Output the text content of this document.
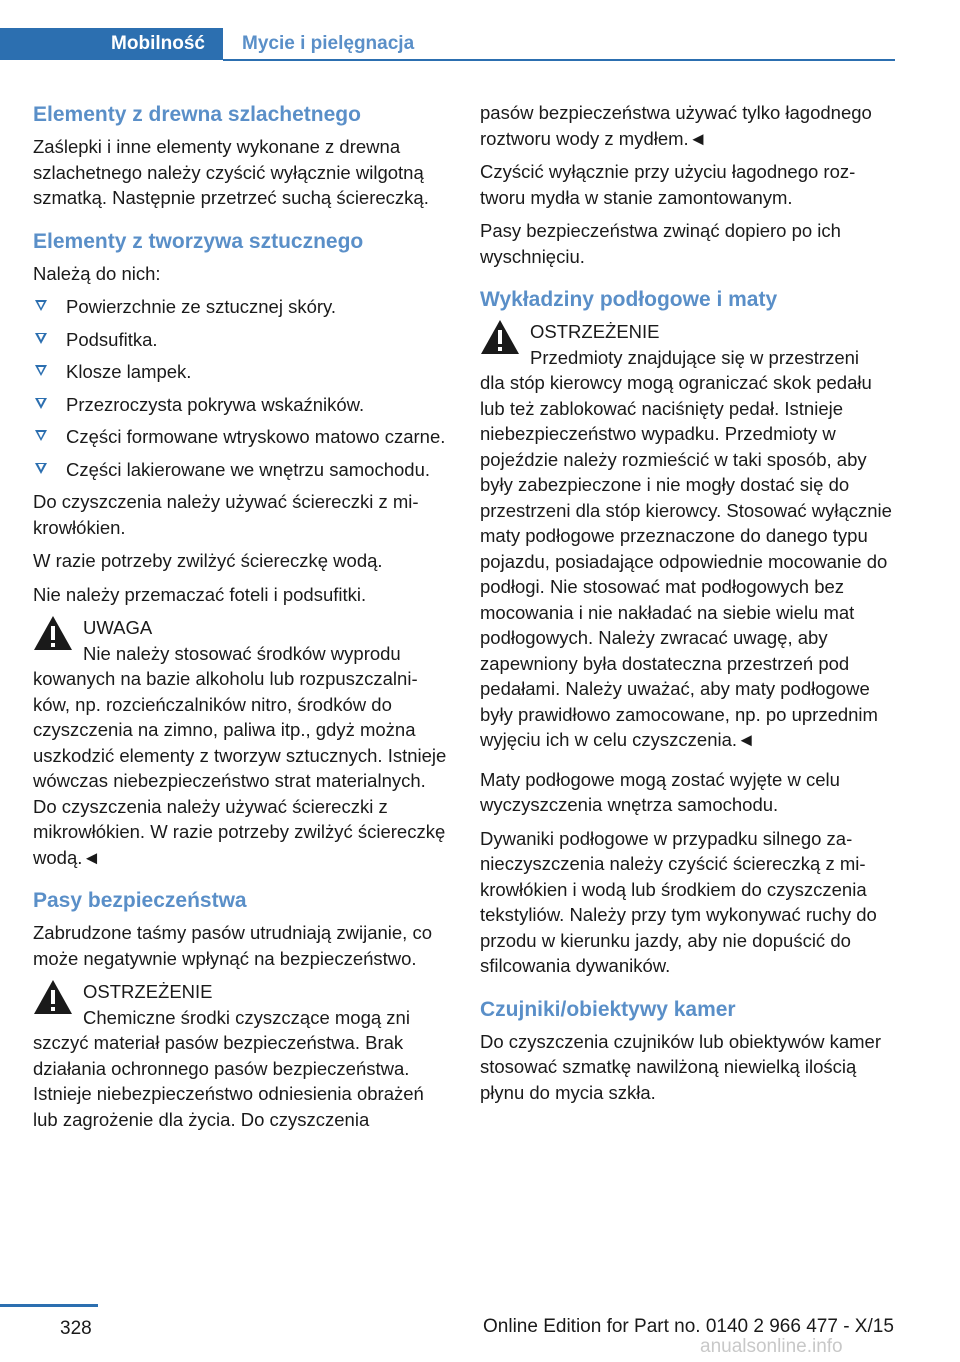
Mobilność	Mycie i pielęgnacja
Elementy z drewna szlachetnego

Zaślepki i inne elementy wykonane z drewna szlachetnego należy czyścić wyłącznie wilgotną szmatką. Następnie przetrzeć suchą ściereczką.

Elementy z tworzywa sztucznego

Należą do nich:

Powierzchnie ze sztucznej skóry.
Podsufitka.
Klosze lampek.
Przezroczysta pokrywa wskaźników.
Części formowane wtryskowo matowo czarne.
Części lakierowane we wnętrzu samochodu.

Do czyszczenia należy używać ściereczki z mikrowłókien.

W razie potrzeby zwilżyć ściereczkę wodą.

Nie należy przemaczać foteli i podsufitki.

UWAGA
Nie należy stosować środków wyprodu

kowanych na bazie alkoholu lub rozpuszczalników, np. rozcieńczalników nitro, środków do czyszczenia na zimno, paliwa itp., gdyż można uszkodzić elementy z tworzyw sztucznych. Istnieje wówczas niebezpieczeństwo strat materialnych. Do czyszczenia należy używać ściereczki z mikrowłókien. W razie potrzeby zwilżyć ściereczkę wodą.◄

Pasy bezpieczeństwa

Zabrudzone taśmy pasów utrudniają zwijanie, co może negatywnie wpłynąć na bezpieczeństwo.

OSTRZEŻENIE
Chemiczne środki czyszczące mogą zni

szczyć materiał pasów bezpieczeństwa. Brak działania ochronnego pasów bezpieczeństwa. Istnieje niebezpieczeństwo odniesienia obrażeń lub zagrożenie dla życia. Do czyszczenia

pasów bezpieczeństwa używać tylko łagodnego roztworu wody z mydłem.◄

Czyścić wyłącznie przy użyciu łagodnego roztworu mydła w stanie zamontowanym.

Pasy bezpieczeństwa zwinąć dopiero po ich wyschnięciu.

Wykładziny podłogowe i maty
OSTRZEŻENIE
Przedmioty znajdujące się w przestrzeni

dla stóp kierowcy mogą ograniczać skok pedału lub też zablokować naciśnięty pedał. Istnieje niebezpieczeństwo wypadku. Przedmioty w pojeździe należy rozmieścić w taki sposób, aby były zabezpieczone i nie mogły dostać się do przestrzeni dla stóp kierowcy. Stosować wyłącznie maty podłogowe przeznaczone do danego typu pojazdu, posiadające odpowiednie mocowanie do podłogi. Nie stosować mat podłogowych bez mocowania i nie nakładać na siebie wielu mat podłogowych. Należy zwracać uwagę, aby zapewniony była dostateczna przestrzeń pod pedałami. Należy uważać, aby maty podłogowe były prawidłowo zamocowane, np. po uprzednim wyjęciu ich w celu czyszczenia.◄

Maty podłogowe mogą zostać wyjęte w celu wyczyszczenia wnętrza samochodu.

Dywaniki podłogowe w przypadku silnego zanieczyszczenia należy czyścić ściereczką z mikrowłókien i wodą lub środkiem do czyszczenia tekstyliów. Należy przy tym wykonywać ruchy do przodu w kierunku jazdy, aby nie dopuścić do sfilcowania dywaników.

Czujniki/obiektywy kamer

Do czyszczenia czujników lub obiektywów kamer stosować szmatkę nawilżoną niewielką ilością płynu do mycia szkła.

328	Online Edition for Part no. 0140 2 966 477 - X/15
anualsonline.info
